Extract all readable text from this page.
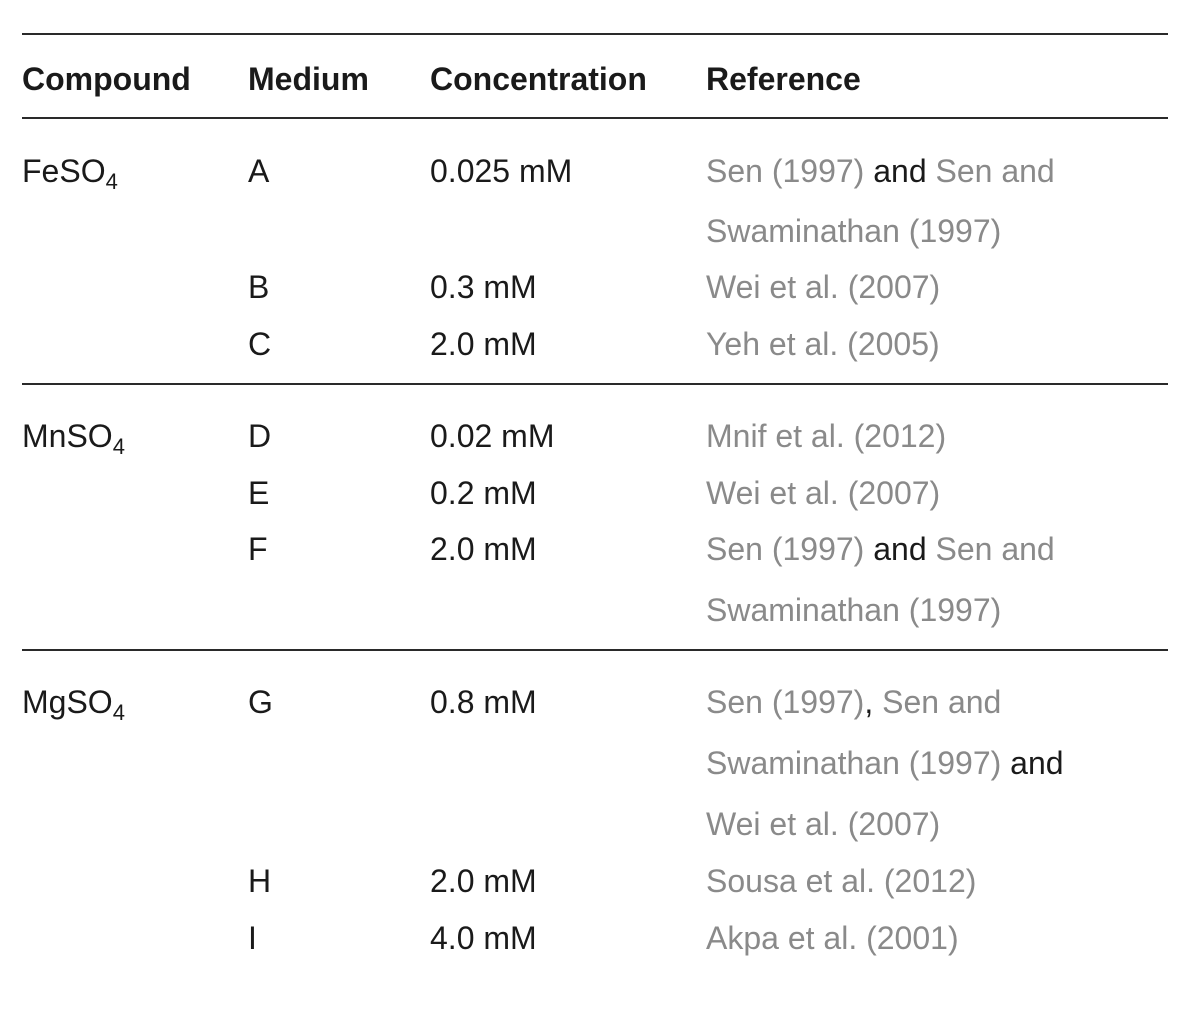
Compound Medium Concentration Reference
FeSO$_4$	A	0.025 mM	Sen (1997) and Sen and
Swaminathan (1997)
B	0.3 mM	Wei et al. (2007)
C	2.0 mM	Yeh et al. (2005)
MnSO$_4$	D	0.02 mM	Mnif et al. (2012)
E	0.2 mM	Wei et al. (2007)
F	2.0 mM	Sen (1997) and Sen and
Swaminathan (1997)
MgSO$_4$	G	0.8 mM	Sen (1997), Sen and
Swaminathan (1997) and
Wei et al. (2007)
H	2.0 mM	Sousa et al. (2012)
I	4.0 mM	Akpa et al. (2001)
